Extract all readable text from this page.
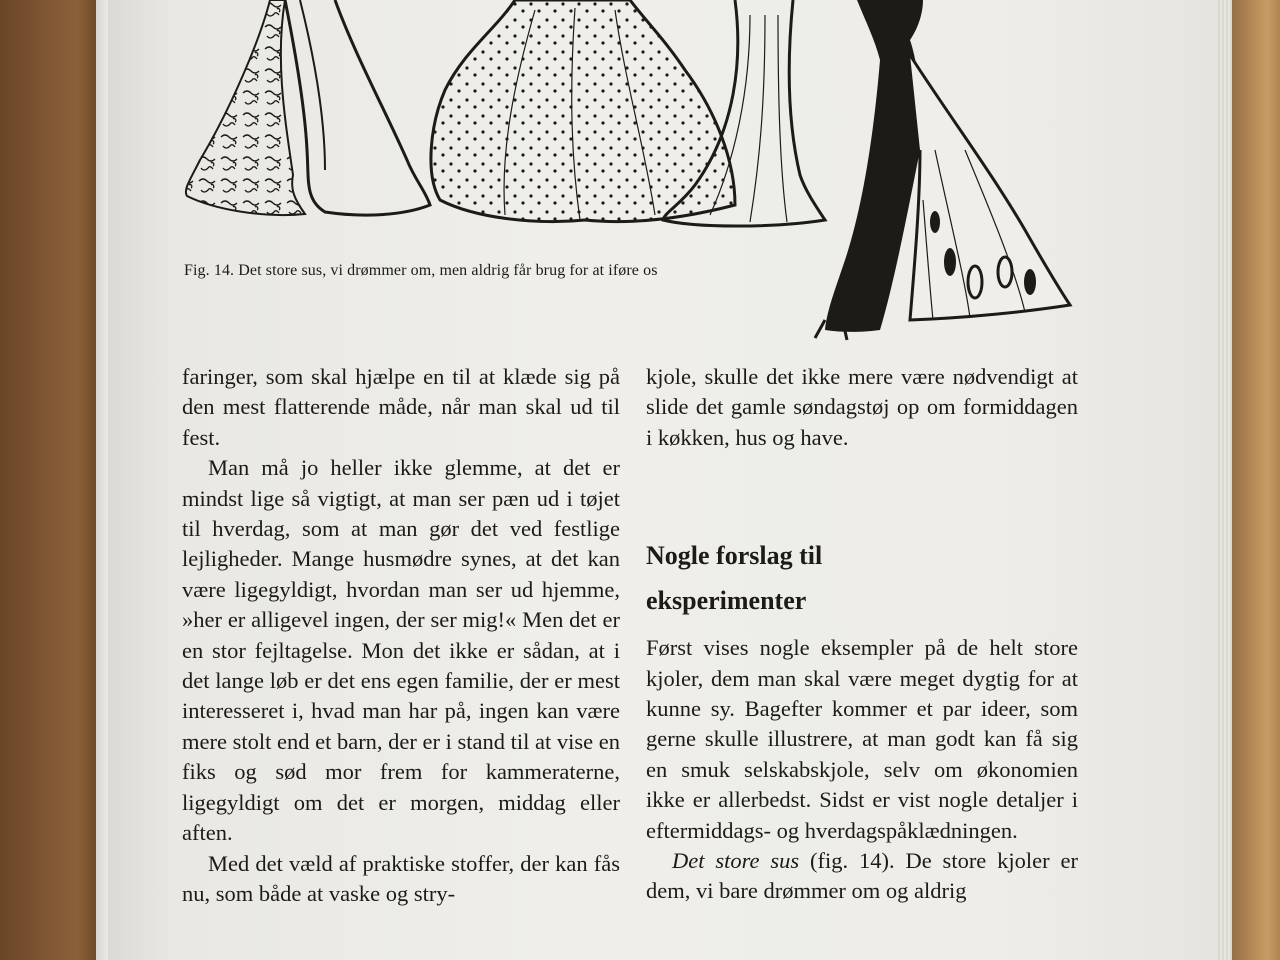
Fig. 14. Det store sus, vi drømmer om, men aldrig får brug for at iføre os

faringer, som skal hjælpe en til at klæde sig på den mest flatterende måde, når man skal ud til fest.

Man må jo heller ikke glemme, at det er mindst lige så vigtigt, at man ser pæn ud i tøjet til hverdag, som at man gør det ved festlige lejligheder. Mange husmødre synes, at det kan være ligegyldigt, hvordan man ser ud hjemme, »her er alligevel ingen, der ser mig!« Men det er en stor fejltagelse. Mon det ikke er sådan, at i det lange løb er det ens egen familie, der er mest interesseret i, hvad man har på, ingen kan være mere stolt end et barn, der er i stand til at vise en fiks og sød mor frem for kammeraterne, ligegyldigt om det er morgen, middag eller aften.

Med det væld af praktiske stoffer, der kan fås nu, som både at vaske og stry-

kjole, skulle det ikke mere være nødvendigt at slide det gamle søndagstøj op om formiddagen i køkken, hus og have.

Nogle forslag til
eksperimenter

Først vises nogle eksempler på de helt store kjoler, dem man skal være meget dygtig for at kunne sy. Bagefter kommer et par ideer, som gerne skulle illustrere, at man godt kan få sig en smuk selskabskjole, selv om økonomien ikke er allerbedst. Sidst er vist nogle detaljer i eftermiddags- og hverdagspåklædningen.

Det store sus (fig. 14). De store kjoler er dem, vi bare drømmer om og aldrig
